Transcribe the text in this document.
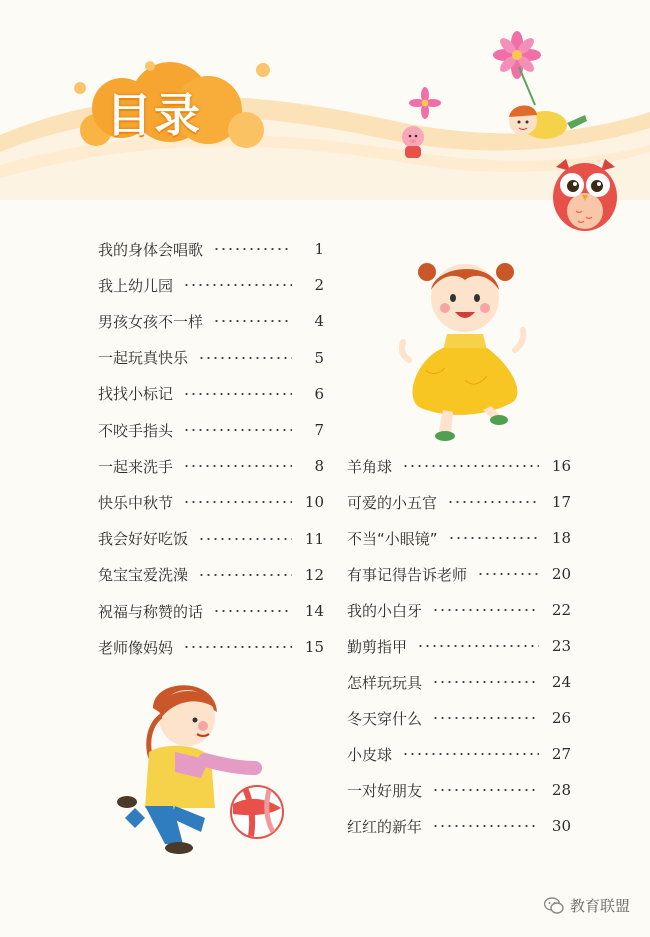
目录
我的身体会唱歌	1
我上幼儿园	2
男孩女孩不一样	4
一起玩真快乐	5
找找小标记	6
不咬手指头	7
一起来洗手	8
快乐中秋节	10
我会好好吃饭	11
兔宝宝爱洗澡	12
祝福与称赞的话	14
老师像妈妈	15
羊角球	16
可爱的小五官	17
不当“小眼镜”	18
有事记得告诉老师	20
我的小白牙	22
勤剪指甲	23
怎样玩玩具	24
冬天穿什么	26
小皮球	27
一对好朋友	28
红红的新年	30
教育联盟
